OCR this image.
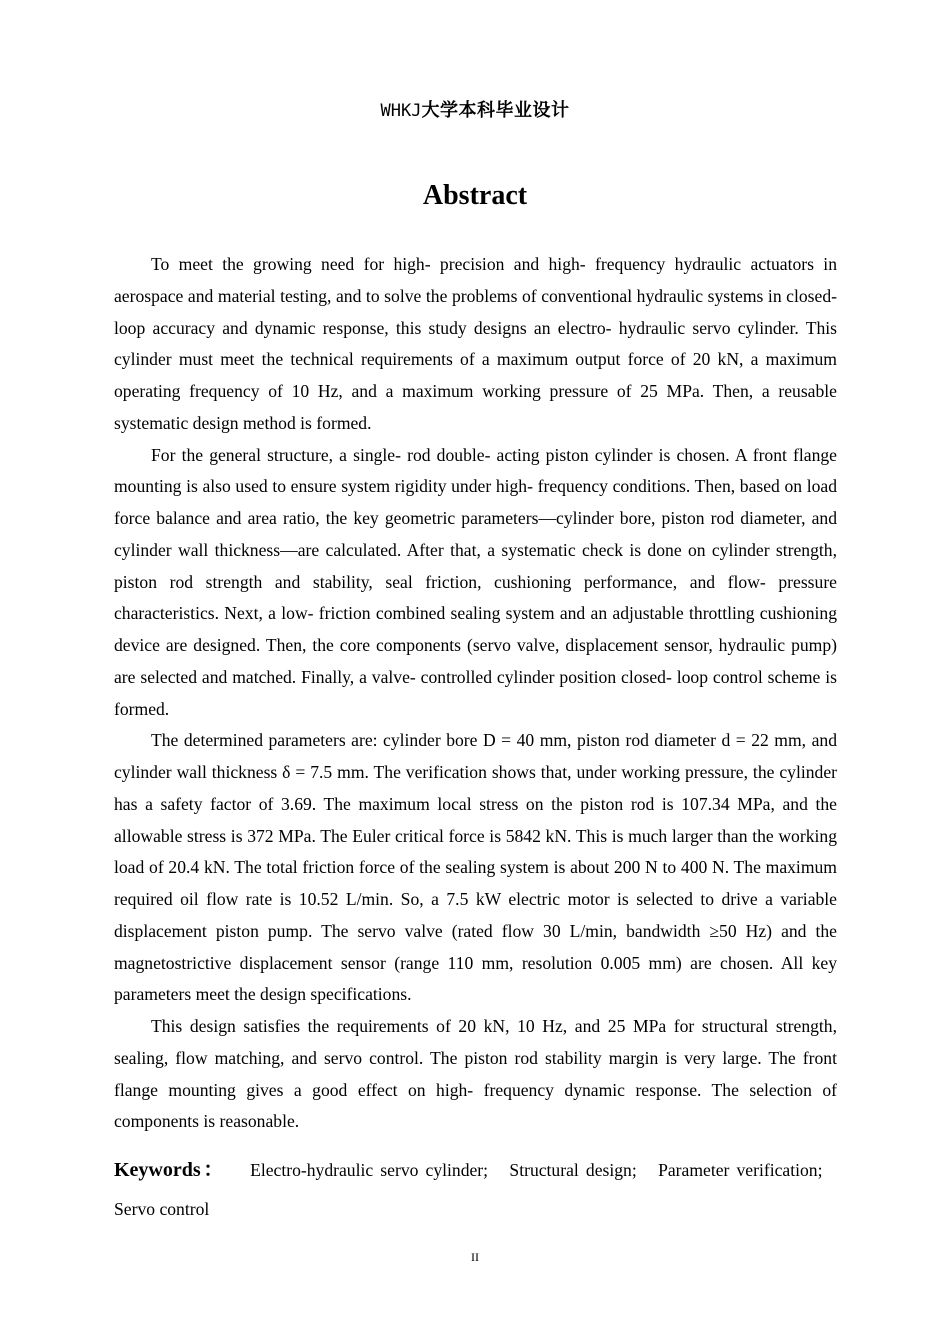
WHKJ大学本科毕业设计
Abstract

To meet the growing need for high- precision and high- frequency hydraulic actuators in aerospace and material testing, and to solve the problems of conventional hydraulic systems in closed- loop accuracy and dynamic response, this study designs an electro- hydraulic servo cylinder. This cylinder must meet the technical requirements of a maximum output force of 20 kN, a maximum operating frequency of 10 Hz, and a maximum working pressure of 25 MPa. Then, a reusable systematic design method is formed.

For the general structure, a single- rod double- acting piston cylinder is chosen. A front flange mounting is also used to ensure system rigidity under high- frequency conditions. Then, based on load force balance and area ratio, the key geometric parameters—cylinder bore, piston rod diameter, and cylinder wall thickness—are calculated. After that, a systematic check is done on cylinder strength, piston rod strength and stability, seal friction, cushioning performance, and flow- pressure characteristics. Next, a low- friction combined sealing system and an adjustable throttling cushioning device are designed. Then, the core components (servo valve, displacement sensor, hydraulic pump) are selected and matched. Finally, a valve- controlled cylinder position closed- loop control scheme is formed.

The determined parameters are: cylinder bore D = 40 mm, piston rod diameter d = 22 mm, and cylinder wall thickness δ = 7.5 mm. The verification shows that, under working pressure, the cylinder has a safety factor of 3.69. The maximum local stress on the piston rod is 107.34 MPa, and the allowable stress is 372 MPa. The Euler critical force is 5842 kN. This is much larger than the working load of 20.4 kN. The total friction force of the sealing system is about 200 N to 400 N. The maximum required oil flow rate is 10.52 L/min. So, a 7.5 kW electric motor is selected to drive a variable displacement piston pump. The servo valve (rated flow 30 L/min, bandwidth ≥50 Hz) and the magnetostrictive displacement sensor (range 110 mm, resolution 0.005 mm) are chosen. All key parameters meet the design specifications.

This design satisfies the requirements of 20 kN, 10 Hz, and 25 MPa for structural strength, sealing, flow matching, and servo control. The piston rod stability margin is very large. The front flange mounting gives a good effect on high- frequency dynamic response. The selection of components is reasonable.

Keywords： Electro-hydraulic servo cylinder; Structural design; Parameter verification;   Servo control
II
